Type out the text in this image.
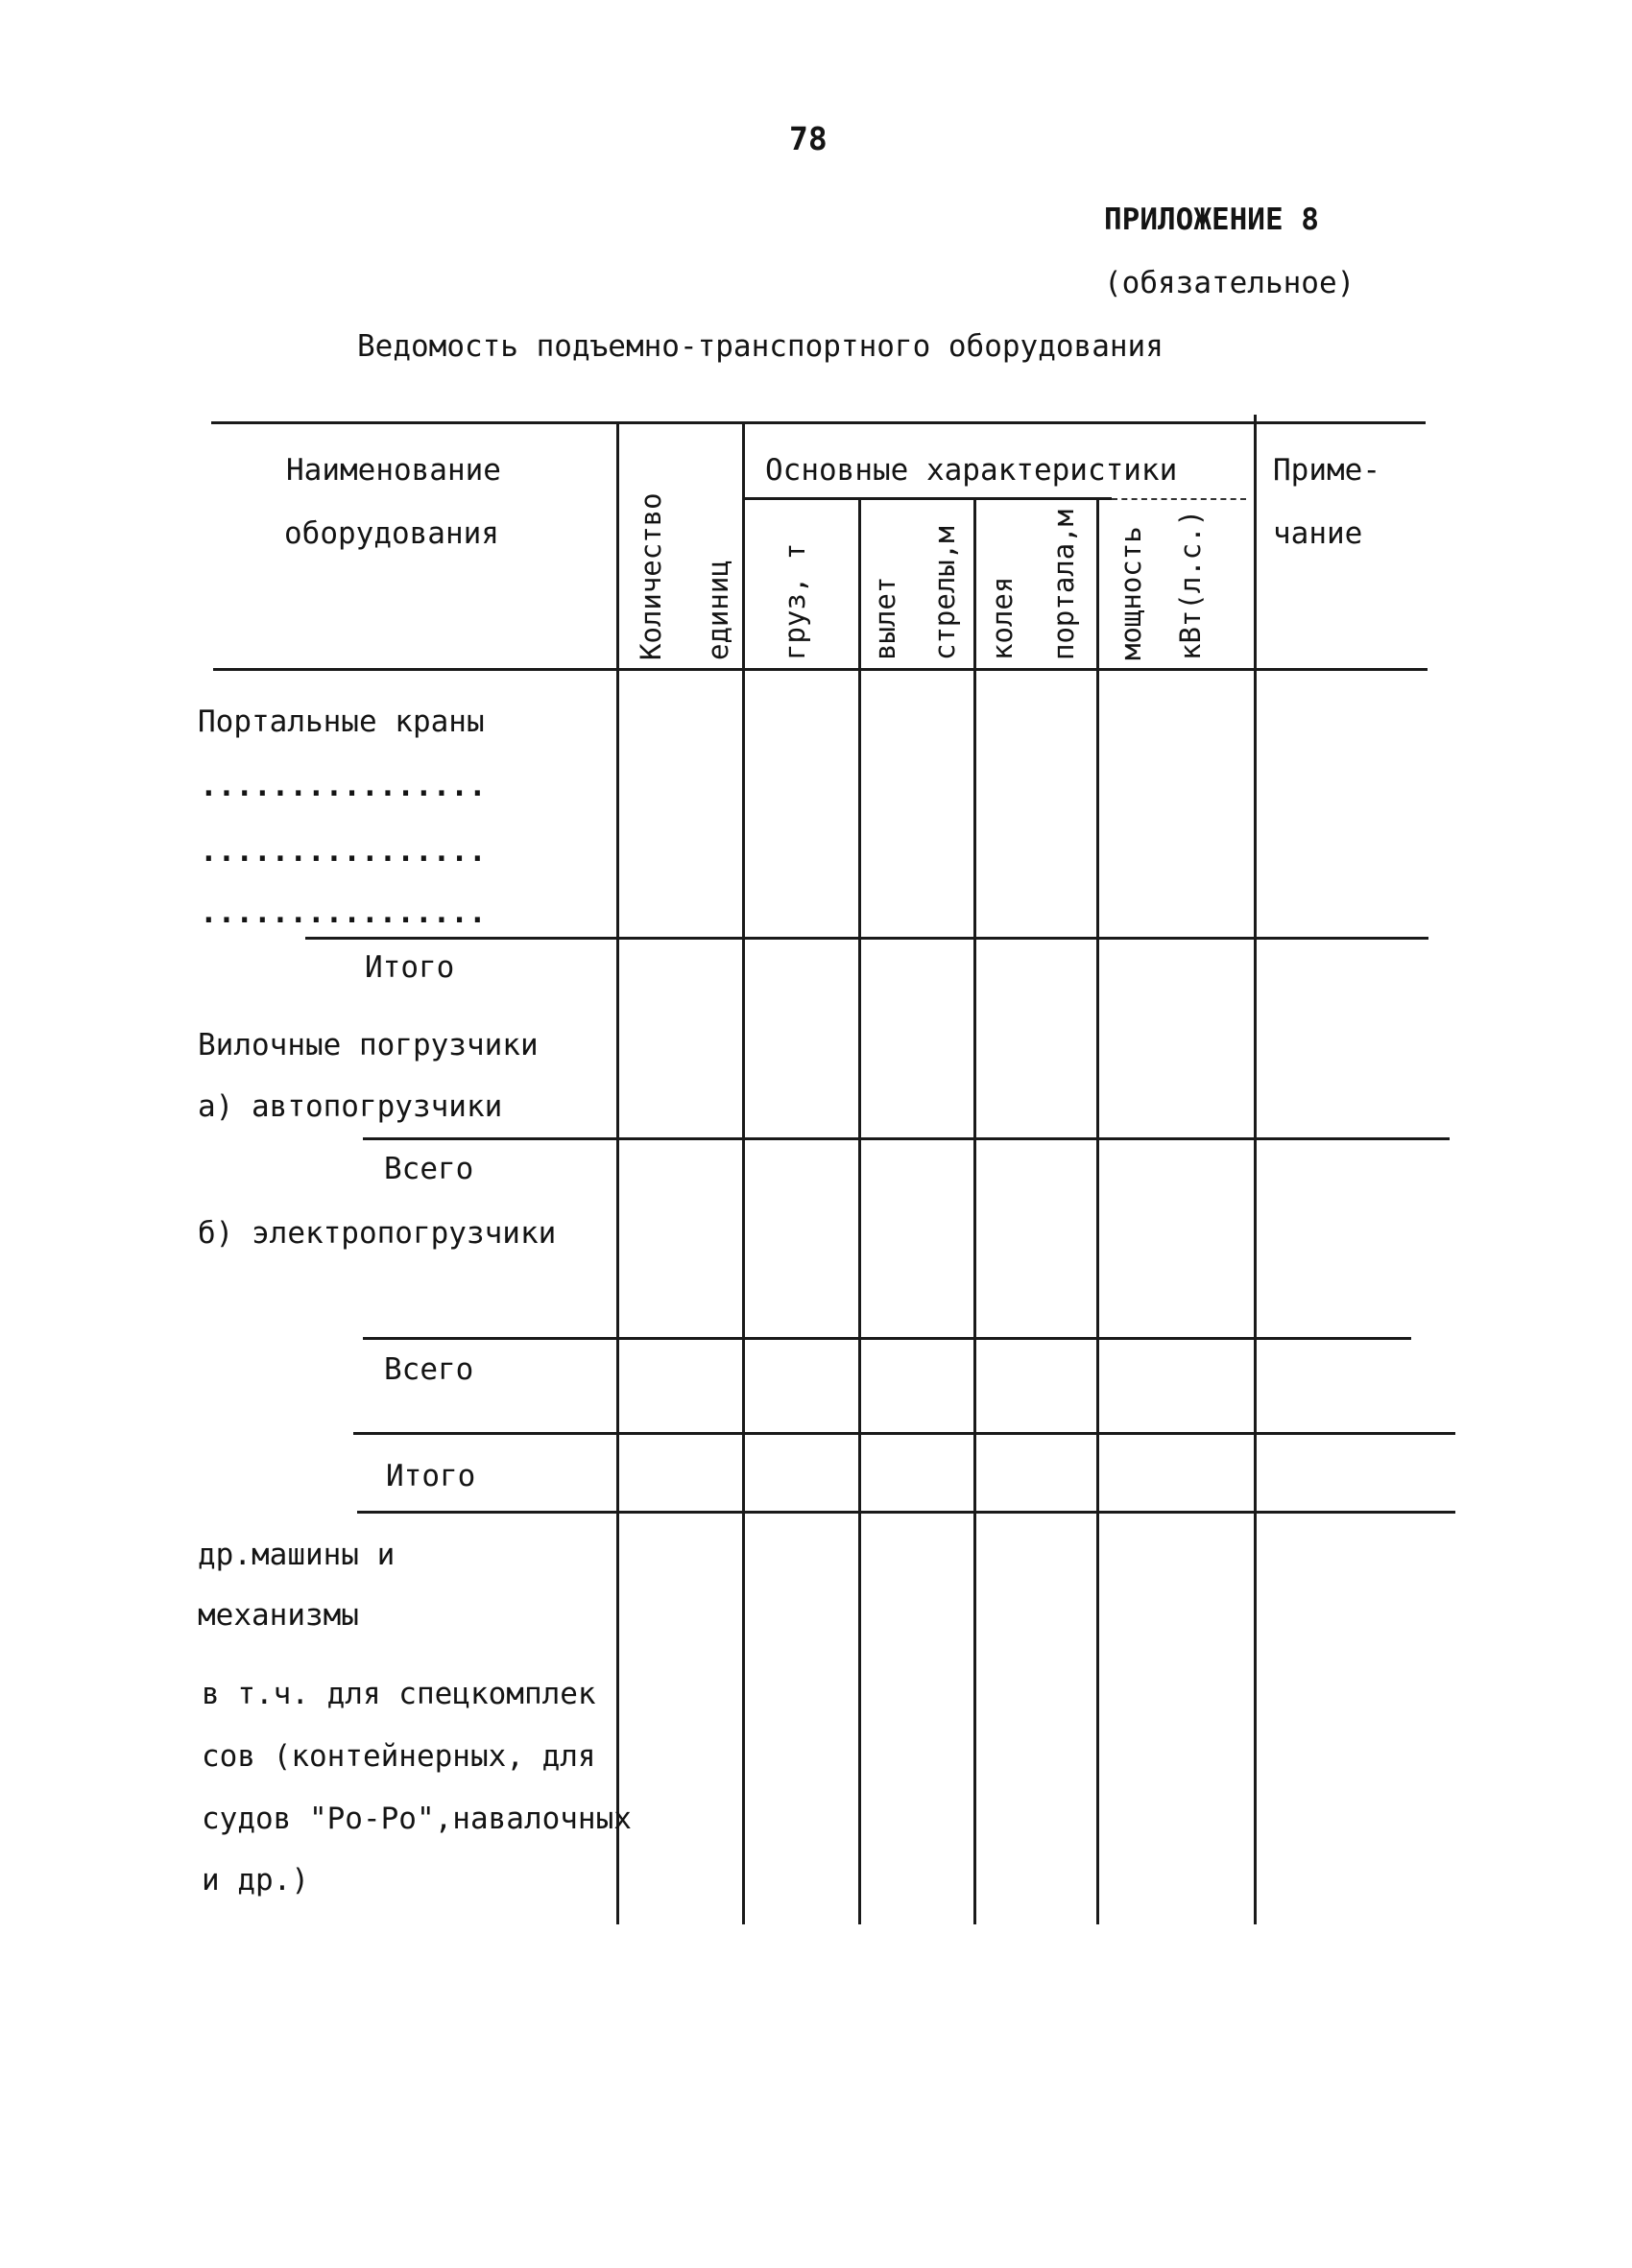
78
ПРИЛОЖЕНИЕ 8
(обязательное)
Ведомость подъемно-транспортного оборудования
Наименование
оборудования	Количество единиц
Основные характеристики
груз, т вылет стрелы,м колея портала,м мощность кВт(л.с.)
Приме-
чание
Портальные краны
................
................
................
Итого
Вилочные погрузчики
а) автопогрузчики
Всего
б) электропогрузчики
Всего
Итого
др.машины и
механизмы
в т.ч. для спецкомплек
сов (контейнерных, для
судов "Ро-Ро",навалочных
и др.)
